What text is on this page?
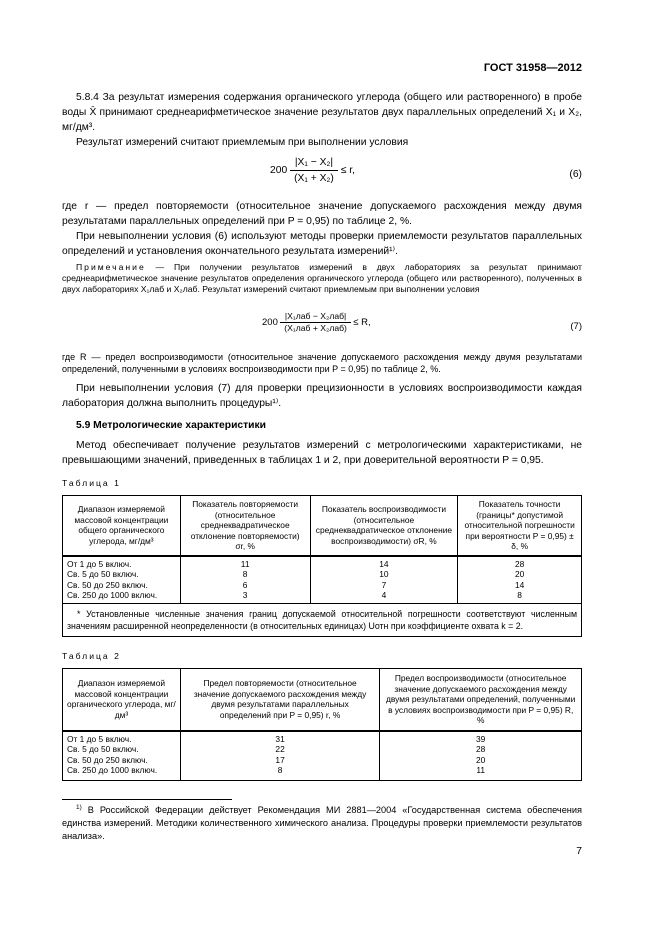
ГОСТ 31958—2012
5.8.4 За результат измерения содержания органического углерода (общего или растворенного) в пробе воды X̄ принимают среднеарифметическое значение результатов двух параллельных определений X₁ и X₂, мг/дм³.
Результат измерений считают приемлемым при выполнении условия
$200 \frac{\text{|X₁ − X₂|}}{\text{(X₁ + X₂)}} \le r$,	(6)
где r — предел повторяемости (относительное значение допускаемого расхождения между двумя результатами параллельных определений при P = 0,95) по таблице 2, %.
При невыполнении условия (6) используют методы проверки приемлемости результатов параллельных определений и установления окончательного результата измерений¹⁾.
Примечание — При получении результатов измерений в двух лабораториях за результат принимают среднеарифметическое значение результатов определения органического углерода (общего или растворенного), полученных в двух лабораториях X₁лаб и X₂лаб. Результат измерений считают приемлемым при выполнении условия
$200 \frac{\text{|X₁лаб − X₂лаб|}}{\text{(X₁лаб + X₂лаб)}} \le R$,	(7)
где R — предел воспроизводимости (относительное значение допускаемого расхождения между двумя результатами определений, полученными в условиях воспроизводимости при P = 0,95) по таблице 2, %.
При невыполнении условия (7) для проверки прецизионности в условиях воспроизводимости каждая лаборатория должна выполнить процедуры¹⁾.
5.9 Метрологические характеристики
Метод обеспечивает получение результатов измерений с метрологическими характеристиками, не превышающими значений, приведенных в таблицах 1 и 2, при доверительной вероятности P = 0,95.
Таблица 1
Диапазон измеряемой массовой концентрации общего органического углерода, мг/дм³	Показатель повторяемости (относительное среднеквадратическое отклонение повторяемости) σr, %	Показатель воспроизводимости (относительное среднеквадратическое отклонение воспроизводимости) σR, %	Показатель точности (границы* допустимой относительной погрешности при вероятности P = 0,95) ± δ, %
От 1 до 5 включ.	11	14	28
Св. 5 до 50 включ.	8	10	20
Св. 50 до 250 включ.	6	7	14
Св. 250 до 1000 включ.	3	4	8
* Установленные численные значения границ допускаемой относительной погрешности соответствуют численным значениям расширенной неопределенности (в относительных единицах) Uотн при коэффициенте охвата k = 2.			
Таблица 2
Диапазон измеряемой массовой концентрации органического углерода, мг/дм³	Предел повторяемости (относительное значение допускаемого расхождения между двумя результатами параллельных определений при P = 0,95) r, %	Предел воспроизводимости (относительное значение допускаемого расхождения между двумя результатами определений, полученными в условиях воспроизводимости при P = 0,95) R, %
От 1 до 5 включ.	31	39
Св. 5 до 50 включ.	22	28
Св. 50 до 250 включ.	17	20
Св. 250 до 1000 включ.	8	11
$^{1)}$ В Российской Федерации действует Рекомендация МИ 2881—2004 «Государственная система обеспечения единства измерений. Методики количественного химического анализа. Процедуры проверки приемлемости результатов анализа».
7
